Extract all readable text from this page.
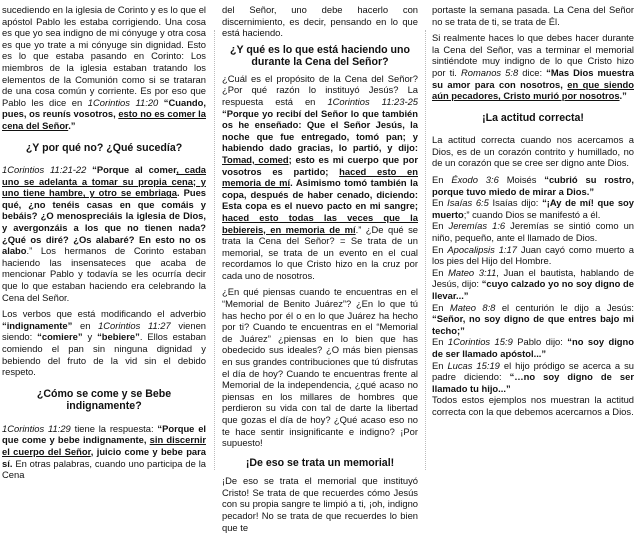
sucediendo en la iglesia de Corinto y es lo que el apóstol Pablo les estaba corrigiendo. Una cosa es que yo sea indigno de mi cónyuge y otra cosa es que yo trate a mi cónyuge sin dignidad. Esto es lo que estaba pasando en Corinto: Los miembros de la iglesia estaban tratando los elementos de la Comunión como si se trataran de una cosa común y corriente. Es por eso que Pablo les dice en 1Corintios 11:20 “Cuando, pues, os reunís vosotros, esto no es comer la cena del Señor.”

¿Y por qué no? ¿Qué sucedía?

1Corintios 11:21-22 “Porque al comer, cada uno se adelanta a tomar su propia cena; y uno tiene hambre, y otro se embriaga. Pues qué, ¿no tenéis casas en que comáis y bebáis? ¿O menospreciáis la iglesia de Dios, y avergonzáis a los que no tienen nada? ¿Qué os diré? ¿Os alabaré? En esto no os alabo.” Los hermanos de Corinto estaban haciendo las insensateces que acaba de mencionar Pablo y todavía se les ocurría decir que lo que estaban haciendo era celebrando la Cena del Señor.

Los verbos que está modificando el adverbio “indignamente” en 1Corintios 11:27 vienen siendo: “comiere” y “bebiere”. Ellos estaban comiendo el pan sin ninguna dignidad y bebiendo del fruto de la vid sin el debido respeto.

¿Cómo se come y se Bebe indignamente?

1Corintios 11:29 tiene la respuesta: “Porque el que come y bebe indignamente, sin discernir el cuerpo del Señor, juicio come y bebe para sí. En otras palabras, cuando uno participa de la Cena

del Señor, uno debe hacerlo con discernimiento, es decir, pensando en lo que está haciendo.

¿Y qué es lo que está haciendo uno durante la Cena del Señor?

¿Cuál es el propósito de la Cena del Señor? ¿Por qué razón lo instituyó Jesús? La respuesta está en 1Corintios 11:23-25 “Porque yo recibí del Señor lo que también os he enseñado: Que el Señor Jesús, la noche que fue entregado, tomó pan; y habiendo dado gracias, lo partió, y dijo: Tomad, comed; esto es mi cuerpo que por vosotros es partido; haced esto en memoria de mí. Asimismo tomó también la copa, después de haber cenado, diciendo: Esta copa es el nuevo pacto en mi sangre; haced esto todas las veces que la bebiereis, en memoria de mí.” ¿De qué se trata la Cena del Señor? = Se trata de un memorial, se trata de un evento en el cual recordamos lo que Cristo hizo en la cruz por cada uno de nosotros.

¿En qué piensas cuando te encuentras en el “Memorial de Benito Juárez”? ¿En lo que tú has hecho por él o en lo que Juárez ha hecho por ti? Cuando te encuentras en el “Memorial de Juárez” ¿piensas en lo bien que has obedecido sus ideales? ¿O más bien piensas en sus grandes contribuciones que tú disfrutas el día de hoy? Cuando te encuentras frente al Memorial de la independencia, ¿qué acaso no piensas en los millares de hombres que perdieron su vida con tal de darte la libertad que gozas el día de hoy? ¿Qué acaso eso no te hace sentir insignificante e indigno? ¡Por supuesto!

¡De eso se trata un memorial!

¡De eso se trata el memorial que instituyó Cristo! Se trata de que recuerdes cómo Jesús con su propia sangre te limpió a ti, ¡oh, indigno pecador! No se trata de que recuerdes lo bien que te

portaste la semana pasada. La Cena del Señor no se trata de ti, se trata de Él.

Si realmente haces lo que debes hacer durante la Cena del Señor, vas a terminar el memorial sintiéndote muy indigno de lo que Cristo hizo por ti. Romanos 5:8 dice: “Mas Dios muestra su amor para con nosotros, en que siendo aún pecadores, Cristo murió por nosotros.”

¡La actitud correcta!

La actitud correcta cuando nos acercamos a Dios, es de un corazón contrito y humillado, no de un corazón que se cree ser digno ante Dios.

En Éxodo 3:6 Moisés “cubrió su rostro, porque tuvo miedo de mirar a Dios.”

En Isaías 6:5 Isaías dijo: “¡Ay de mí! que soy muerto;” cuando Dios se manifestó a él.

En Jeremías 1:6 Jeremías se sintió como un niño, pequeño, ante el llamado de Dios.

En Apocalipsis 1:17 Juan cayó como muerto a los pies del Hijo del Hombre.

En Mateo 3:11, Juan el bautista, hablando de Jesús, dijo: “cuyo calzado yo no soy digno de llevar...”

En Mateo 8:8 el centurión le dijo a Jesús: “Señor, no soy digno de que entres bajo mi techo;”

En 1Corintios 15:9 Pablo dijo: “no soy digno de ser llamado apóstol...”

En Lucas 15:19 el hijo pródigo se acerca a su padre diciendo: “…no soy digno de ser llamado tu hijo...”

Todos estos ejemplos nos muestran la actitud correcta con la que debemos acercarnos a Dios.
